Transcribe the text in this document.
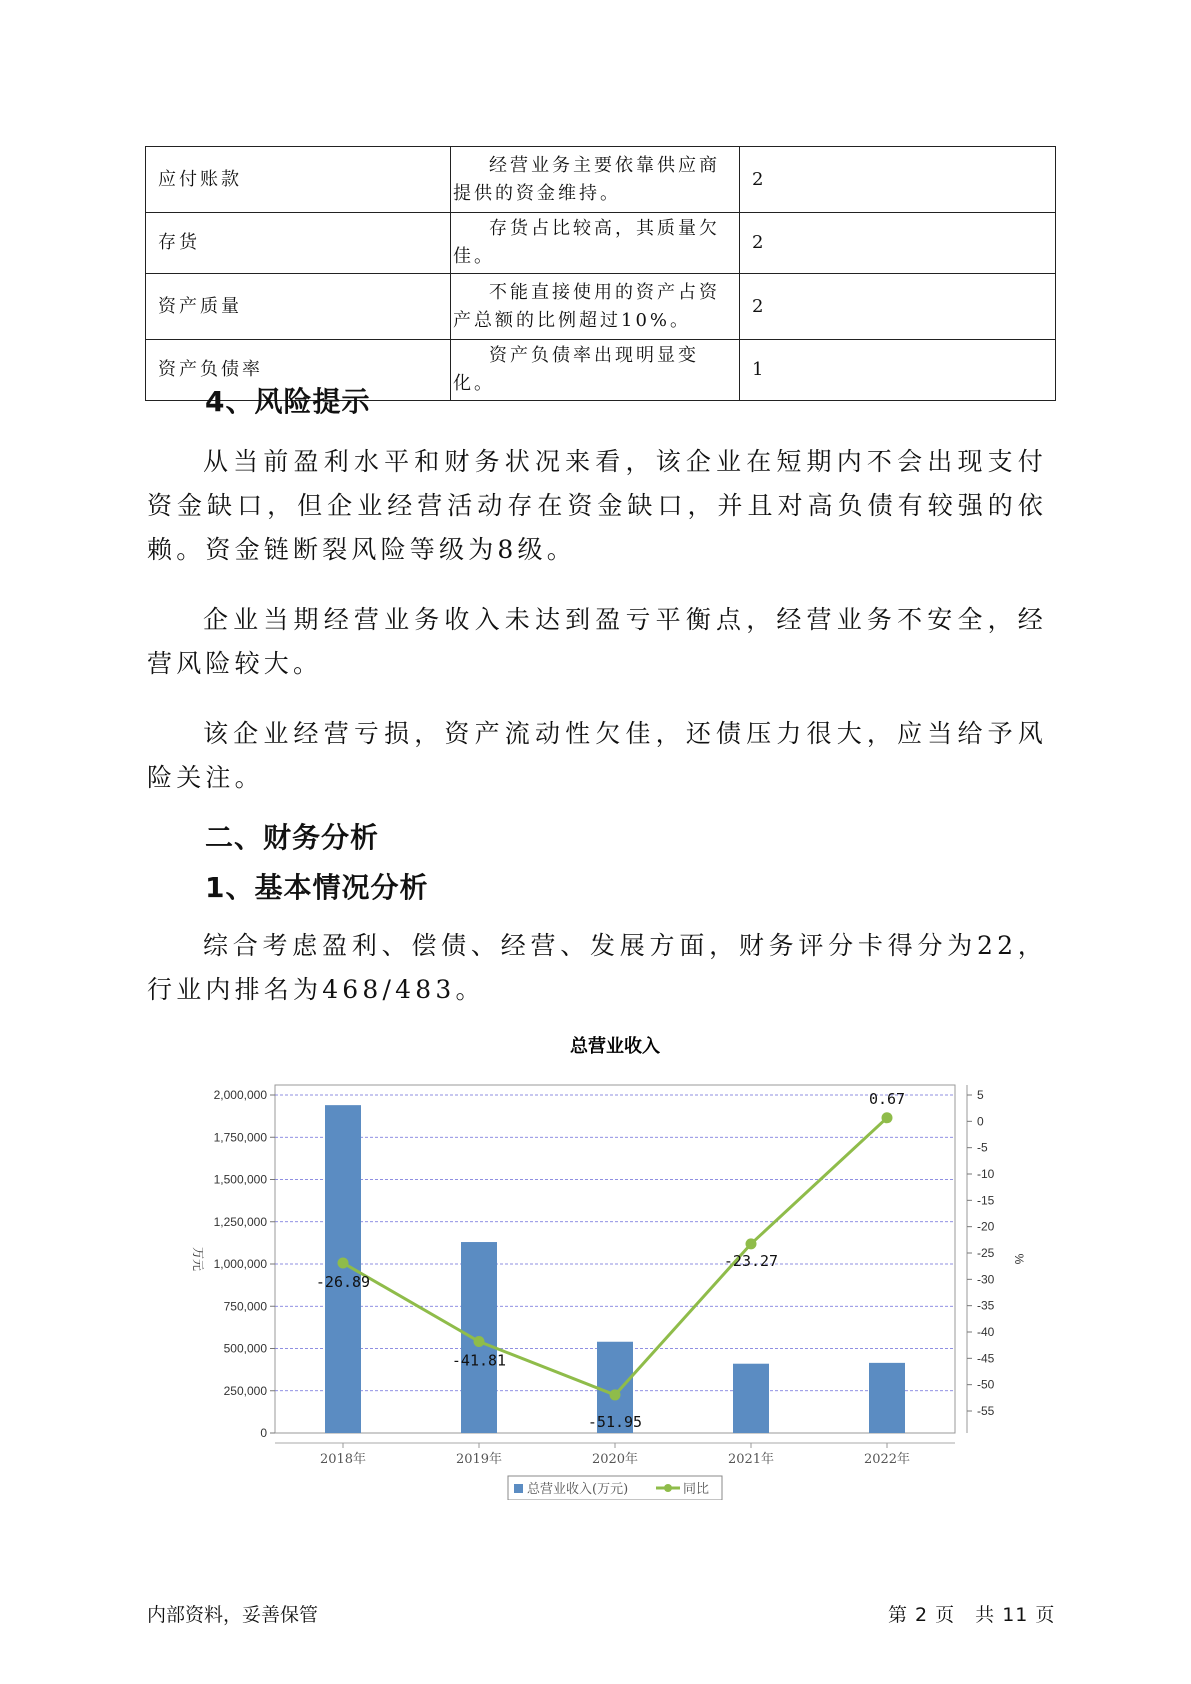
应付账款	经营业务主要依靠供应商提供的资金维持。	2
存货	存货占比较高，其质量欠佳。	2
资产质量	不能直接使用的资产占资产总额的比例超过10%。	2
资产负债率	资产负债率出现明显变化。	1
4、风险提示

从当前盈利水平和财务状况来看，该企业在短期内不会出现支付资金缺口，但企业经营活动存在资金缺口，并且对高负债有较强的依赖。资金链断裂风险等级为8级。

企业当期经营业务收入未达到盈亏平衡点，经营业务不安全，经营风险较大。

该企业经营亏损，资产流动性欠佳，还债压力很大，应当给予风险关注。

二、财务分析
1、基本情况分析

综合考虑盈利、偿债、经营、发展方面，财务评分卡得分为22，行业内排名为468/483。

总营业收入
0
250,000
500,000
750,000
1,000,000
1,250,000
1,500,000
1,750,000
2,000,000	5
0
-5
-10
-15
-20
-25
-30
-35
-40
-45
-50
-55
万元	%
2018年	2019年	2020年	2021年	2022年
-26.89
-41.81
-51.95
-23.27
0.67
总营业收入(万元)	同比
内部资料，妥善保管	第 2 页　共 11 页
